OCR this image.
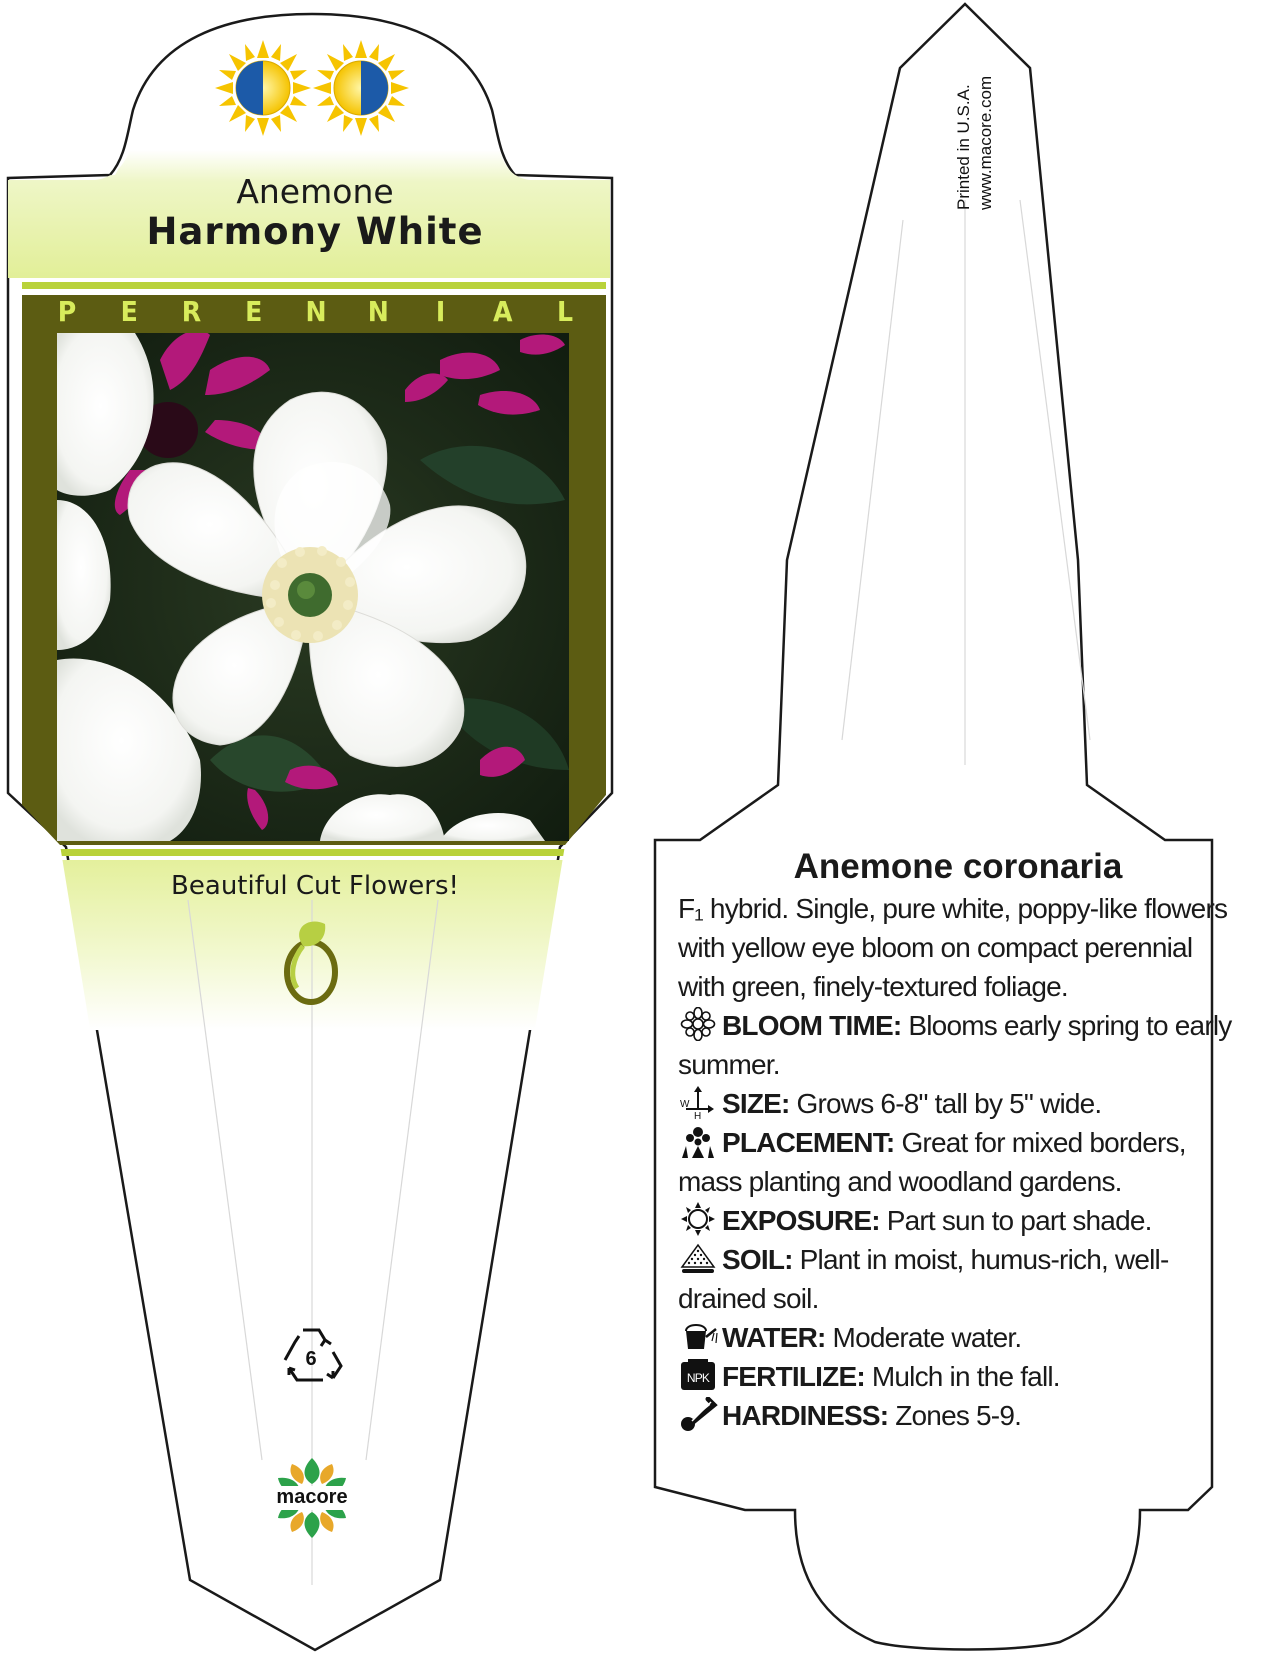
Anemone
Harmony White
P E R E N N I A L
Beautiful Cut Flowers!
6
macore
Printed in U.S.A. www.macore.com
Anemone coronaria
F₁ hybrid. Single, pure white, poppy-like flowers with yellow eye bloom on compact perennial with green, finely-textured foliage.
BLOOM TIME: Blooms early spring to early summer.
W
H SIZE: Grows 6-8" tall by 5" wide.
PLACEMENT: Great for mixed borders, mass planting and woodland gardens.
EXPOSURE: Part sun to part shade.
SOIL: Plant in moist, humus-rich, well-drained soil.
WATER: Moderate water.
NPK FERTILIZE: Mulch in the fall.
HARDINESS: Zones 5-9.
